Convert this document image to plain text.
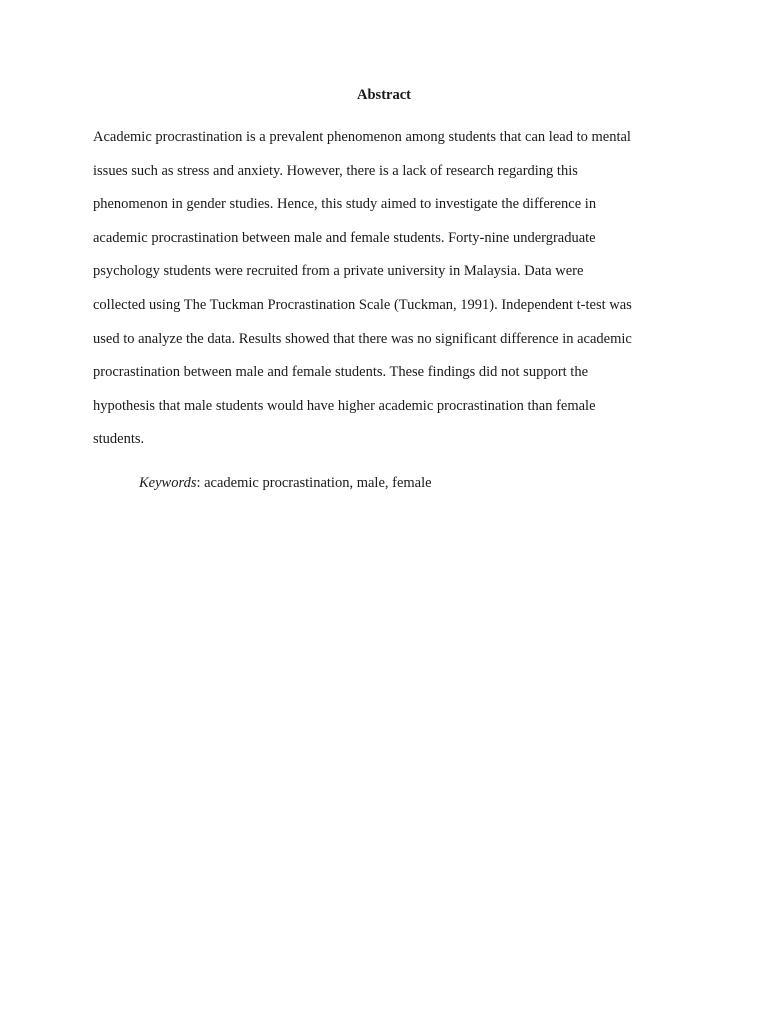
Abstract
Academic procrastination is a prevalent phenomenon among students that can lead to mental
issues such as stress and anxiety. However, there is a lack of research regarding this
phenomenon in gender studies. Hence, this study aimed to investigate the difference in
academic procrastination between male and female students. Forty-nine undergraduate
psychology students were recruited from a private university in Malaysia. Data were
collected using The Tuckman Procrastination Scale (Tuckman, 1991). Independent t-test was
used to analyze the data. Results showed that there was no significant difference in academic
procrastination between male and female students. These findings did not support the
hypothesis that male students would have higher academic procrastination than female
students.
Keywords: academic procrastination, male, female
